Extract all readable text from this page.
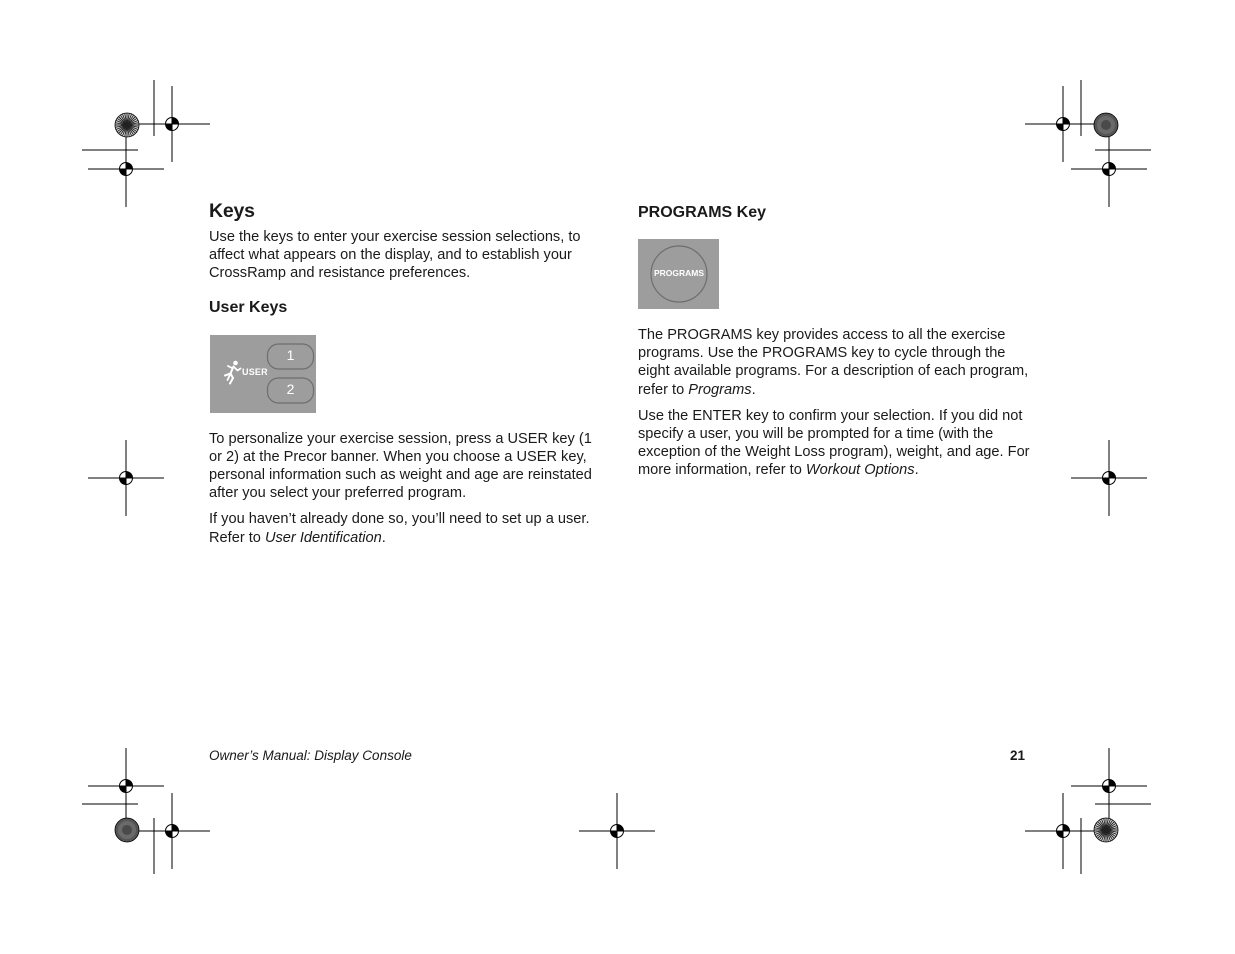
Keys

Use the keys to enter your exercise session selections, to affect what appears on the display, and to establish your CrossRamp and resistance preferences.

User Keys
USER
1
2

To personalize your exercise session, press a USER key (1 or 2) at the Precor banner. When you choose a USER key, personal information such as weight and age are reinstated after you select your preferred program.

If you haven’t already done so, you’ll need to set up a user. Refer to User Identification.

PROGRAMS Key
PROGRAMS

The PROGRAMS key provides access to all the exercise programs. Use the PROGRAMS key to cycle through the eight available programs. For a description of each program, refer to Programs.

Use the ENTER key to confirm your selection. If you did not specify a user, you will be prompted for a time (with the exception of the Weight Loss program), weight, and age. For more information, refer to Workout Options.

Owner’s Manual: Display Console	21
